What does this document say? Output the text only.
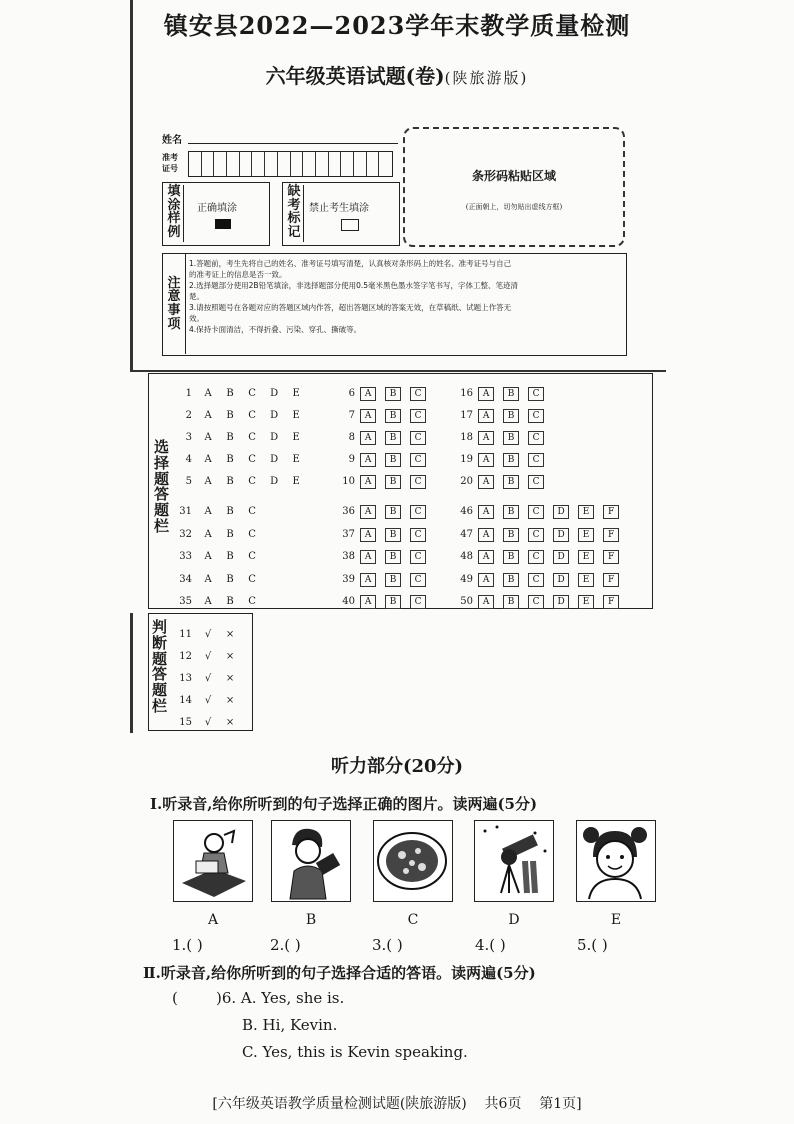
镇安县2022—2023学年末教学质量检测
六年级英语试题(卷)(陕旅游版)
姓名
准考
证号
填
涂
样
例
正确填涂
缺
考
标
记
禁止考生填涂
条形码粘贴区域
(正面朝上，切勿贴出虚线方框)
注
意
事
项
1.答题前，考生先将自己的姓名、准考证号填写清楚，认真核对条形码上的姓名、准考证号与自己
的准考证上的信息是否一致。
2.选择题部分使用2B铅笔填涂，非选择题部分使用0.5毫米黑色墨水签字笔书写，字体工整、笔迹清
楚。
3.请按照题号在各题对应的答题区域内作答，超出答题区域的答案无效，在草稿纸、试题上作答无
效。
4.保持卡面清洁，不得折叠、污染、穿孔、撕破等。
选
择
题
答
题
栏
1 A B C D E
2 A B C D E
3 A B C D E
4 A B C D E
5 A B C D E
6 A B C
7 A B C
8 A B C
9 A B C
10 A B C
16 A B C
17 A B C
18 A B C
19 A B C
20 A B C
31 A B C
32 A B C
33 A B C
34 A B C
35 A B C
36 A B C
37 A B C
38 A B C
39 A B C
40 A B C
46 A B C D E F
47 A B C D E F
48 A B C D E F
49 A B C D E F
50 A B C D E F
判
断
题
答
题
栏
11 √ ×
12 √ ×
13 √ ×
14 √ ×
15 √ ×
听力部分(20分)
Ⅰ.听录音,给你所听到的句子选择正确的图片。读两遍(5分)
A	B	C	D	E
1.( )	2.( )	3.( )	4.( )	5.( )
Ⅱ.听录音,给你所听到的句子选择合适的答语。读两遍(5分)
(        )6. A. Yes, she is.
B. Hi, Kevin.
C. Yes, this is Kevin speaking.
[六年级英语教学质量检测试题(陕旅游版)    共6页    第1页]
